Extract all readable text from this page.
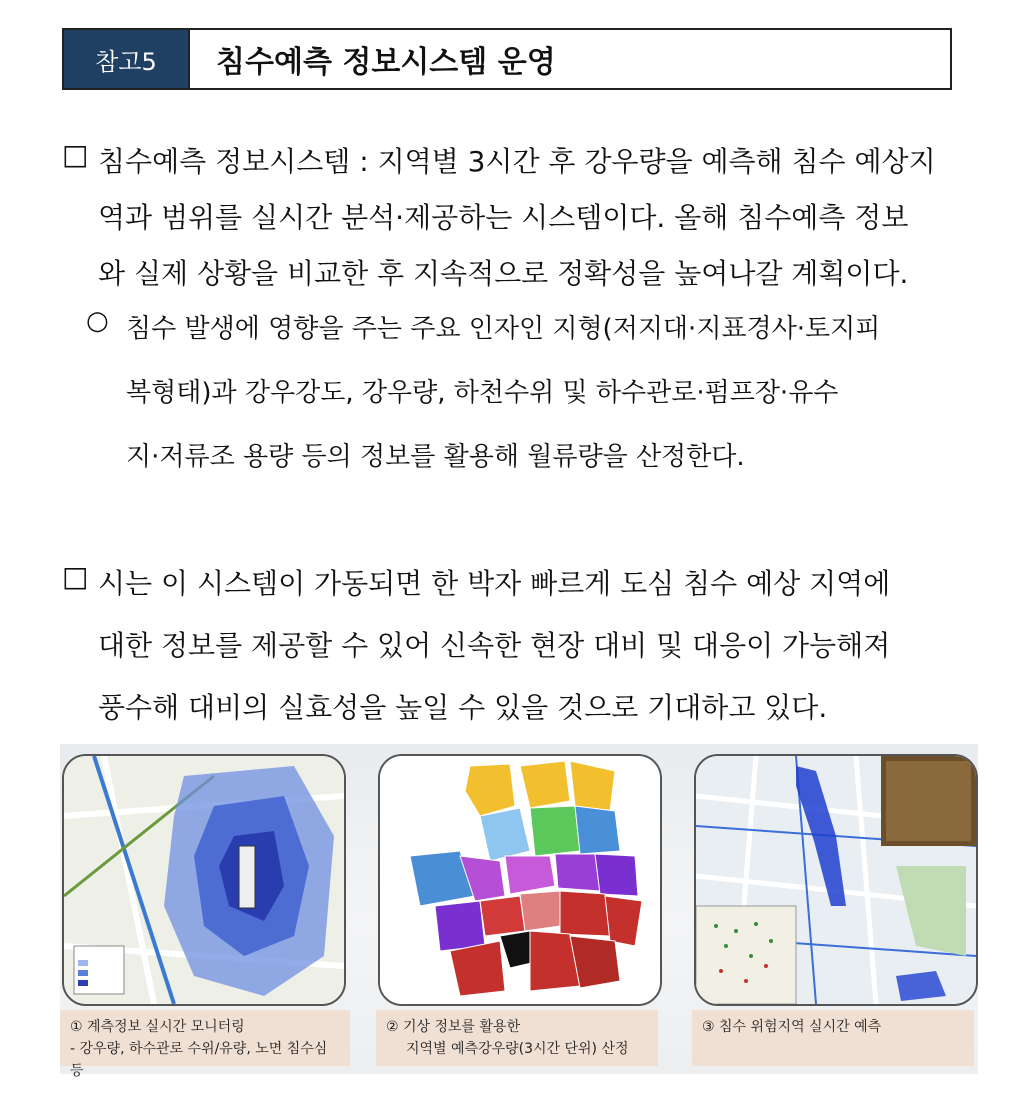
참고5	침수예측 정보시스템 운영
□ 침수예측 정보시스템 : 지역별 3시간 후 강우량을 예측해 침수 예상지
역과 범위를 실시간 분석·제공하는 시스템이다. 올해 침수예측 정보
와 실제 상황을 비교한 후 지속적으로 정확성을 높여나갈 계획이다.
○ 침수 발생에 영향을 주는 주요 인자인 지형(저지대·지표경사·토지피
복형태)과 강우강도, 강우량, 하천수위 및 하수관로·펌프장·유수
지·저류조 용량 등의 정보를 활용해 월류량을 산정한다.
□ 시는 이 시스템이 가동되면 한 박자 빠르게 도심 침수 예상 지역에
대한 정보를 제공할 수 있어 신속한 현장 대비 및 대응이 가능해져
풍수해 대비의 실효성을 높일 수 있을 것으로 기대하고 있다.
① 계측정보 실시간 모니터링
- 강우량, 하수관로 수위/유량, 노면 침수심 등
② 기상 정보를 활용한
지역별 예측강우량(3시간 단위) 산정
③ 침수 위험지역 실시간 예측
